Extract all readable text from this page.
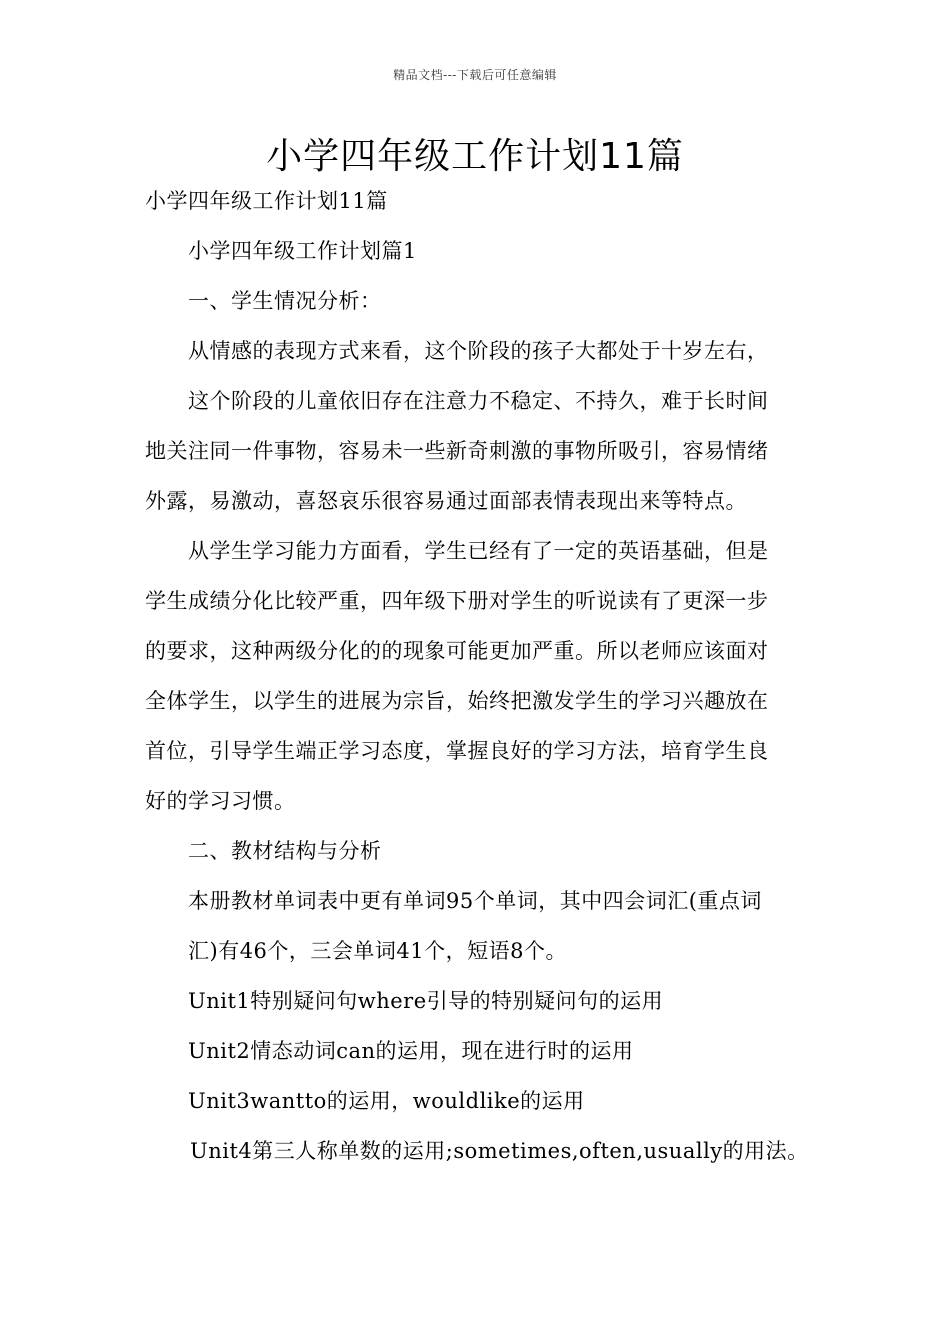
精品文档---下载后可任意编辑
小学四年级工作计划11篇
小学四年级工作计划11篇
小学四年级工作计划篇1
一、学生情况分析：
从情感的表现方式来看，这个阶段的孩子大都处于十岁左右，
这个阶段的儿童依旧存在注意力不稳定、不持久，难于长时间
地关注同一件事物，容易未一些新奇刺激的事物所吸引，容易情绪
外露，易激动，喜怒哀乐很容易通过面部表情表现出来等特点。
从学生学习能力方面看，学生已经有了一定的英语基础，但是
学生成绩分化比较严重，四年级下册对学生的听说读有了更深一步
的要求，这种两级分化的的现象可能更加严重。所以老师应该面对
全体学生，以学生的进展为宗旨，始终把激发学生的学习兴趣放在
首位，引导学生端正学习态度，掌握良好的学习方法，培育学生良
好的学习习惯。
二、教材结构与分析
本册教材单词表中更有单词95个单词，其中四会词汇(重点词
汇)有46个，三会单词41个，短语8个。
Unit1特别疑问句where引导的特别疑问句的运用
Unit2情态动词can的运用，现在进行时的运用
Unit3wantto的运用，wouldlike的运用
Unit4第三人称单数的运用;sometimes,often,usually的用法。
